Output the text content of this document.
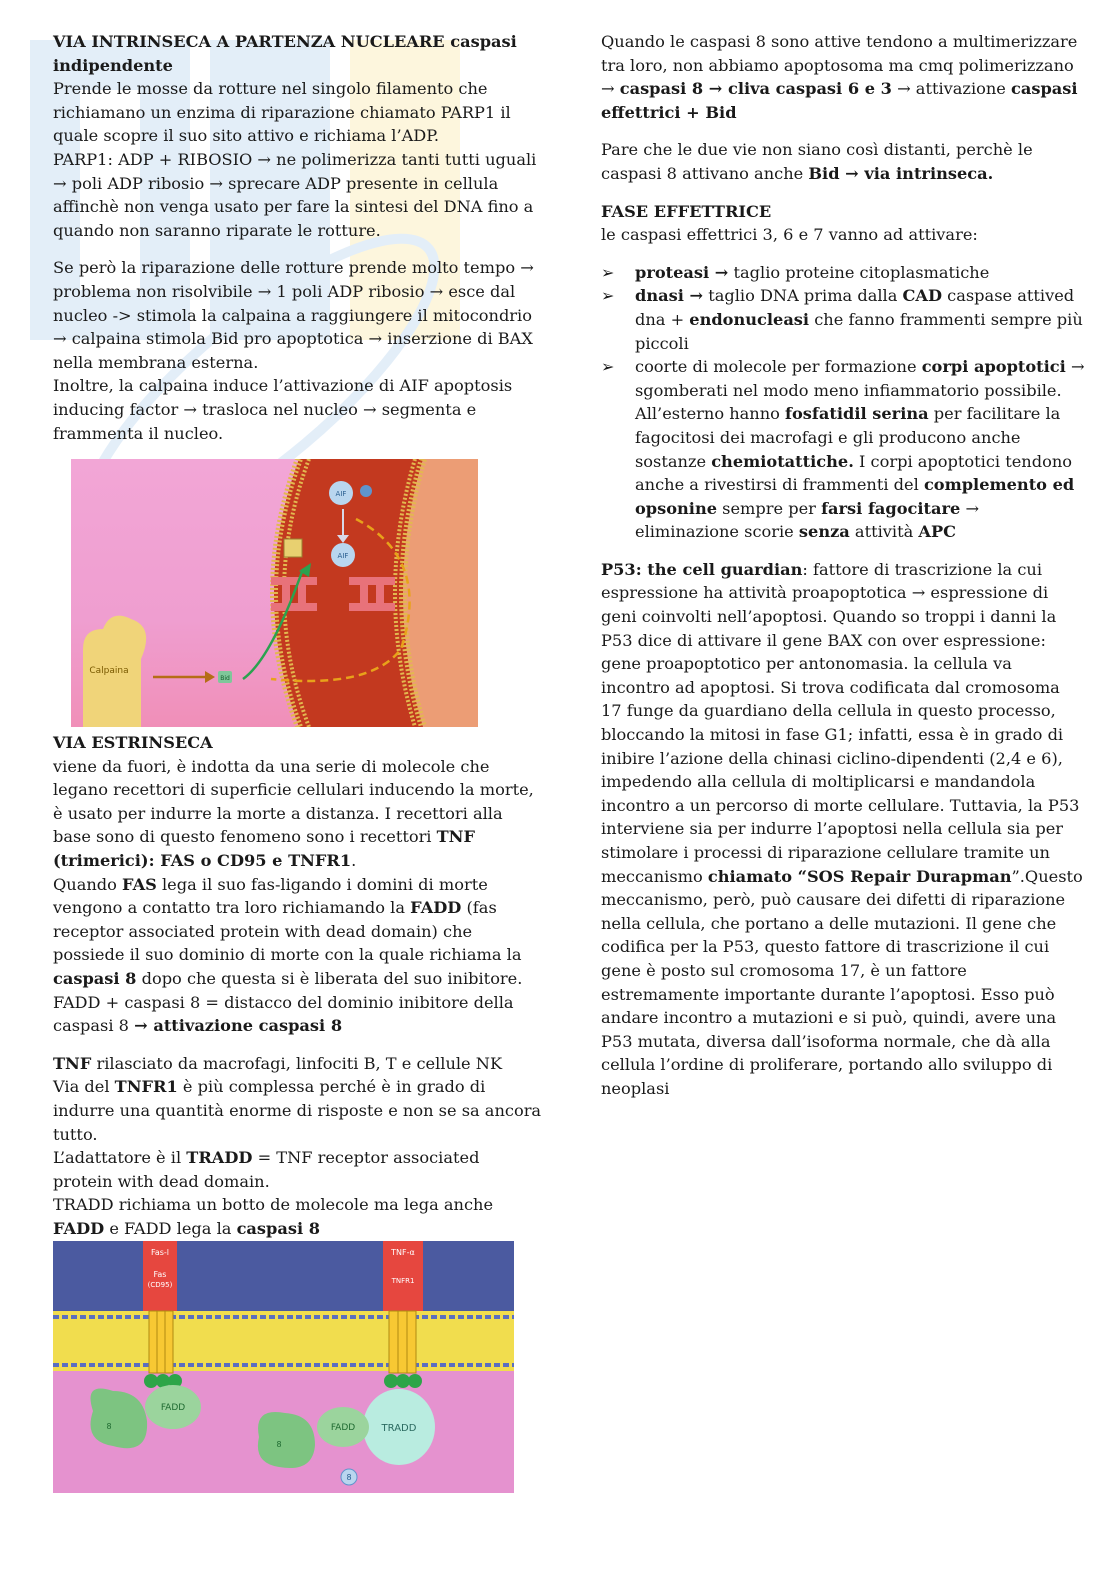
VIA INTRINSECA A PARTENZA NUCLEARE caspasi indipendente

Prende le mosse da rotture nel singolo filamento che richiamano un enzima di riparazione chiamato PARP1 il quale scopre il suo sito attivo e richiama l’ADP.

PARP1: ADP + RIBOSIO → ne polimerizza tanti tutti uguali → poli ADP ribosio → sprecare ADP presente in cellula affinchè non venga usato per fare la sintesi del DNA fino a quando non saranno riparate le rotture.

Se però la riparazione delle rotture prende molto tempo → problema non risolvibile → 1 poli ADP ribosio → esce dal nucleo -> stimola la calpaina a raggiungere il mitocondrio → calpaina stimola Bid pro apoptotica → inserzione di BAX nella membrana esterna.

Inoltre, la calpaina induce l’attivazione di AIF apoptosis inducing factor → trasloca nel nucleo → segmenta e frammenta il nucleo.

AIF
AIF
Calpaina
Bid

VIA ESTRINSECA

viene da fuori, è indotta da una serie di molecole che legano recettori di superficie cellulari inducendo la morte, è usato per indurre la morte a distanza. I recettori alla base sono di questo fenomeno sono i recettori TNF (trimerici): FAS o CD95 e TNFR1.

Quando FAS lega il suo fas-ligando i domini di morte vengono a contatto tra loro richiamando la FADD (fas receptor associated protein with dead domain) che possiede il suo dominio di morte con la quale richiama la caspasi 8 dopo che questa si è liberata del suo inibitore.

FADD + caspasi 8 = distacco del dominio inibitore della caspasi 8 → attivazione caspasi 8

TNF rilasciato da macrofagi, linfociti B, T e cellule NK

Via del TNFR1 è più complessa perché è in grado di indurre una quantità enorme di risposte e non se sa ancora tutto.

L’adattatore è il TRADD = TNF receptor associated protein with dead domain.

TRADD richiama un botto de molecole ma lega anche FADD e FADD lega la caspasi 8

Fas-l
Fas
(CD95)
FADD
8
TNF-α
TNFR1
TRADD
FADD
8
8

Quando le caspasi 8 sono attive tendono a multimerizzare tra loro, non abbiamo apoptosoma ma cmq polimerizzano → caspasi 8 → cliva caspasi 6 e 3 → attivazione caspasi effettrici + Bid

Pare che le due vie non siano così distanti, perchè le caspasi 8 attivano anche Bid → via intrinseca.

FASE EFFETTRICE

le caspasi effettrici 3, 6 e 7 vanno ad attivare:

➢ proteasi → taglio proteine citoplasmatiche
➢ dnasi → taglio DNA prima dalla CAD caspase attived dna + endonucleasi che fanno frammenti sempre più piccoli
➢ coorte di molecole per formazione corpi apoptotici → sgomberati nel modo meno infiammatorio possibile. All’esterno hanno fosfatidil serina per facilitare la fagocitosi dei macrofagi e gli producono anche sostanze chemiotattiche. I corpi apoptotici tendono anche a rivestirsi di frammenti del complemento ed opsonine sempre per farsi fagocitare → eliminazione scorie senza attività APC

P53: the cell guardian: fattore di trascrizione la cui espressione ha attività proapoptotica → espressione di geni coinvolti nell’apoptosi. Quando so troppi i danni la P53 dice di attivare il gene BAX con over espressione: gene proapoptotico per antonomasia. la cellula va incontro ad apoptosi. Si trova codificata dal cromosoma 17 funge da guardiano della cellula in questo processo, bloccando la mitosi in fase G1; infatti, essa è in grado di inibire l’azione della chinasi ciclino-dipendenti (2,4 e 6), impedendo alla cellula di moltiplicarsi e mandandola incontro a un percorso di morte cellulare. Tuttavia, la P53 interviene sia per indurre l’apoptosi nella cellula sia per stimolare i processi di riparazione cellulare tramite un meccanismo chiamato “SOS Repair Durapman”.Questo meccanismo, però, può causare dei difetti di riparazione nella cellula, che portano a delle mutazioni. Il gene che codifica per la P53, questo fattore di trascrizione il cui gene è posto sul cromosoma 17, è un fattore estremamente importante durante l’apoptosi. Esso può andare incontro a mutazioni e si può, quindi, avere una P53 mutata, diversa dall’isoforma normale, che dà alla cellula l’ordine di proliferare, portando allo sviluppo di neoplasi
